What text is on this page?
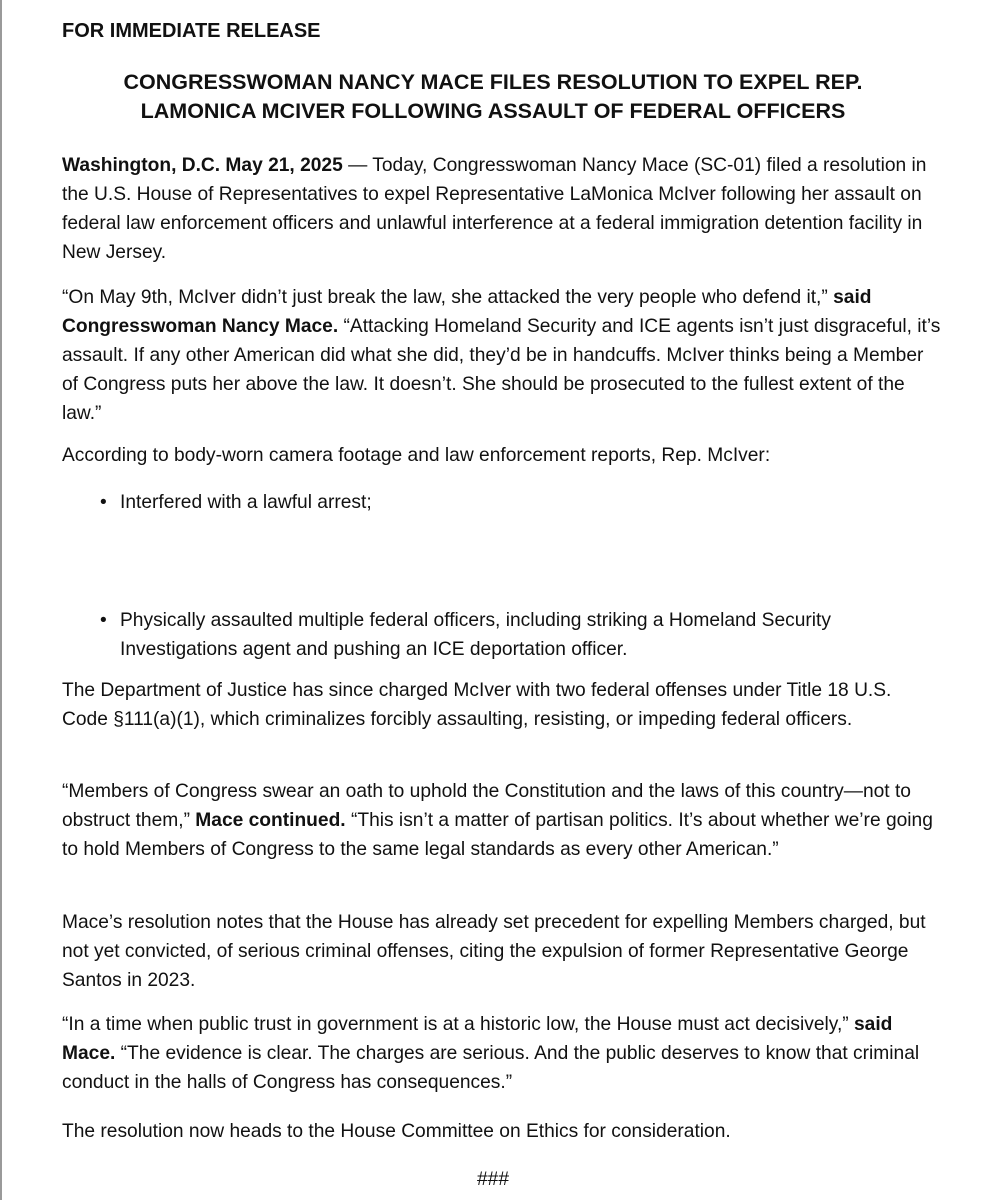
FOR IMMEDIATE RELEASE

CONGRESSWOMAN NANCY MACE FILES RESOLUTION TO EXPEL REP.
LAMONICA MCIVER FOLLOWING ASSAULT OF FEDERAL OFFICERS

Washington, D.C. May 21, 2025 — Today, Congresswoman Nancy Mace (SC-01) filed a resolution in the U.S. House of Representatives to expel Representative LaMonica McIver following her assault on federal law enforcement officers and unlawful interference at a federal immigration detention facility in New Jersey.

“On May 9th, McIver didn’t just break the law, she attacked the very people who defend it,” said Congresswoman Nancy Mace. “Attacking Homeland Security and ICE agents isn’t just disgraceful, it’s assault. If any other American did what she did, they’d be in handcuffs. McIver thinks being a Member of Congress puts her above the law. It doesn’t. She should be prosecuted to the fullest extent of the law.”

According to body-worn camera footage and law enforcement reports, Rep. McIver:

• Interfered with a lawful arrest;
• Physically assaulted multiple federal officers, including striking a Homeland Security Investigations agent and pushing an ICE deportation officer.

The Department of Justice has since charged McIver with two federal offenses under Title 18 U.S. Code §111(a)(1), which criminalizes forcibly assaulting, resisting, or impeding federal officers.

“Members of Congress swear an oath to uphold the Constitution and the laws of this country—not to obstruct them,” Mace continued. “This isn’t a matter of partisan politics. It’s about whether we’re going to hold Members of Congress to the same legal standards as every other American.”

Mace’s resolution notes that the House has already set precedent for expelling Members charged, but not yet convicted, of serious criminal offenses, citing the expulsion of former Representative George Santos in 2023.

“In a time when public trust in government is at a historic low, the House must act decisively,” said Mace. “The evidence is clear. The charges are serious. And the public deserves to know that criminal conduct in the halls of Congress has consequences.”

The resolution now heads to the House Committee on Ethics for consideration.

###
